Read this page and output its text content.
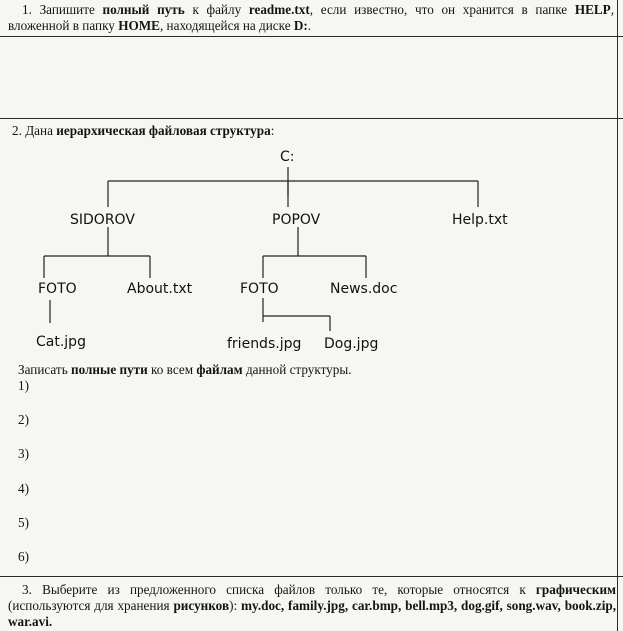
1. Запишите полный путь к файлу readme.txt, если известно, что он хранится в папке HELP, вложенной в папку HOME, находящейся на диске D:.
2. Дана иерархическая файловая структура:
C:
SIDOROV	POPOV	Help.txt
FOTO	About.txt	FOTO	News.doc
Cat.jpg	friends.jpg Dog.jpg
Записать полные пути ко всем файлам данной структуры.
1)
2)
3)
4)
5)
6)
3. Выберите из предложенного списка файлов только те, которые относятся к графическим (используются для хранения рисунков): my.doc, family.jpg, car.bmp, bell.mp3, dog.gif, song.wav, book.zip, war.avi.
